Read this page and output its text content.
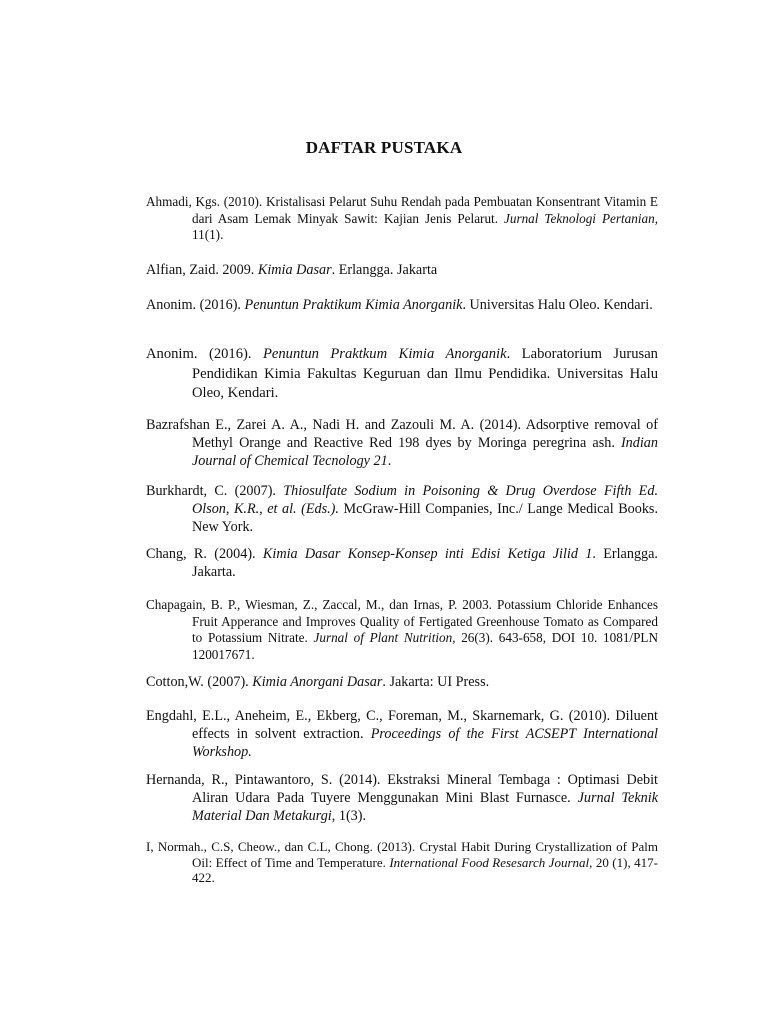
DAFTAR PUSTAKA

Ahmadi, Kgs. (2010). Kristalisasi Pelarut Suhu Rendah pada Pembuatan Konsentrant Vitamin E dari Asam Lemak Minyak Sawit: Kajian Jenis Pelarut. Jurnal Teknologi Pertanian, 11(1).

Alfian, Zaid. 2009. Kimia Dasar. Erlangga. Jakarta

Anonim. (2016). Penuntun Praktikum Kimia Anorganik. Universitas Halu Oleo. Kendari.

Anonim. (2016). Penuntun Praktkum Kimia Anorganik. Laboratorium Jurusan Pendidikan Kimia Fakultas Keguruan dan Ilmu Pendidika. Universitas Halu Oleo, Kendari.

Bazrafshan E., Zarei A. A., Nadi H. and Zazouli M. A. (2014). Adsorptive removal of Methyl Orange and Reactive Red 198 dyes by Moringa peregrina ash. Indian Journal of Chemical Tecnology 21.

Burkhardt, C. (2007). Thiosulfate Sodium in Poisoning & Drug Overdose Fifth Ed. Olson, K.R., et al. (Eds.). McGraw-Hill Companies, Inc./ Lange Medical Books. New York.

Chang, R. (2004). Kimia Dasar Konsep-Konsep inti Edisi Ketiga Jilid 1. Erlangga. Jakarta.

Chapagain, B. P., Wiesman, Z., Zaccal, M., dan Irnas, P. 2003. Potassium Chloride Enhances Fruit Apperance and Improves Quality of Fertigated Greenhouse Tomato as Compared to Potassium Nitrate. Jurnal of Plant Nutrition, 26(3). 643-658, DOI 10. 1081/PLN 120017671.

Cotton,W. (2007). Kimia Anorgani Dasar. Jakarta: UI Press.

Engdahl, E.L., Aneheim, E., Ekberg, C., Foreman, M., Skarnemark, G. (2010). Diluent effects in solvent extraction. Proceedings of the First ACSEPT International Workshop.

Hernanda, R., Pintawantoro, S. (2014). Ekstraksi Mineral Tembaga : Optimasi Debit Aliran Udara Pada Tuyere Menggunakan Mini Blast Furnasce. Jurnal Teknik Material Dan Metakurgi, 1(3).

I, Normah., C.S, Cheow., dan C.L, Chong. (2013). Crystal Habit During Crystallization of Palm Oil: Effect of Time and Temperature. International Food Resesarch Journal, 20 (1), 417-422.
